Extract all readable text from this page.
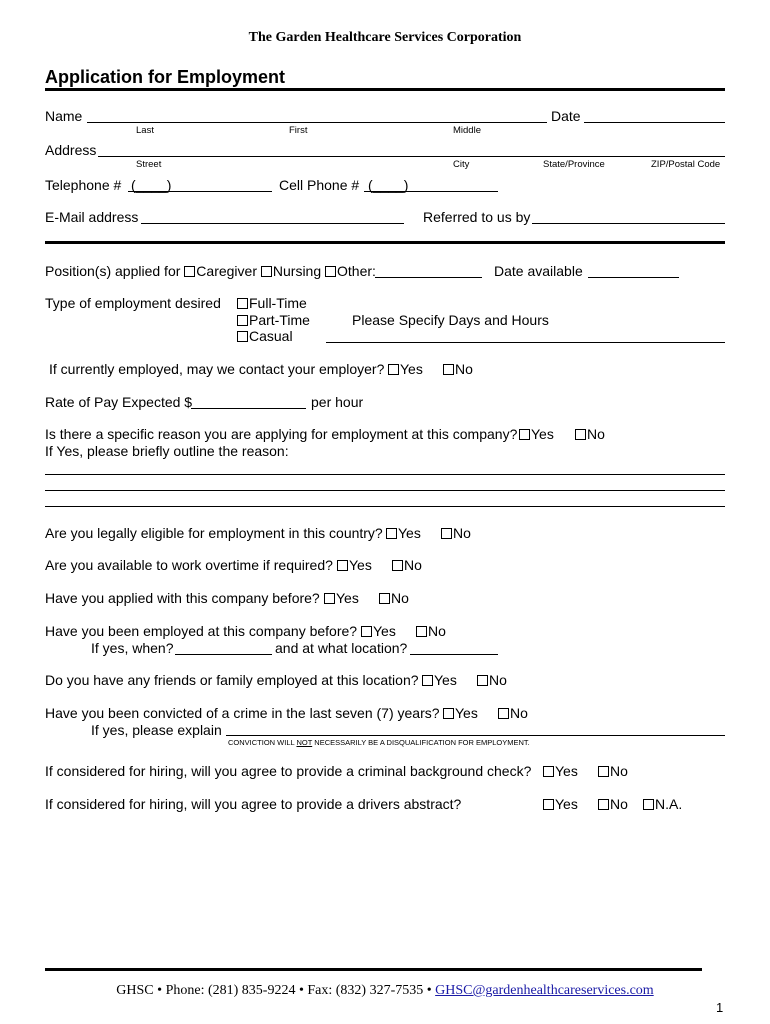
The Garden Healthcare Services Corporation
Application for Employment
Name	Date
Last	First	Middle
Address
Street	City	State/Province	ZIP/Postal Code
Telephone # (____)	Cell Phone # (____)
E-Mail address	Referred to us by
Position(s) applied for Caregiver Nursing Other:	Date available
Type of employment desired	Full-Time
Part-Time
Casual
Please Specify Days and Hours
If currently employed, may we contact your employer?	Yes	No
Rate of Pay Expected $	per hour
Is there a specific reason you are applying for employment at this company? Yes	No
If Yes, please briefly outline the reason:
Are you legally eligible for employment in this country?	Yes	No
Are you available to work overtime if required?	Yes	No
Have you applied with this company before?	Yes	No
Have you been employed at this company before?	Yes	No
If yes, when?	and at what location?
Do you have any friends or family employed at this location?	Yes	No
Have you been convicted of a crime in the last seven (7) years?	Yes	No
If yes, please explain
CONVICTION WILL NOT NECESSARILY BE A DISQUALIFICATION FOR EMPLOYMENT.
If considered for hiring, will you agree to provide a criminal background check?	Yes	No
If considered for hiring, will you agree to provide a drivers abstract?	Yes	No	N.A.
GHSC • Phone: (281) 835-9224 • Fax: (832) 327-7535 • GHSC@gardenhealthcareservices.com
1
